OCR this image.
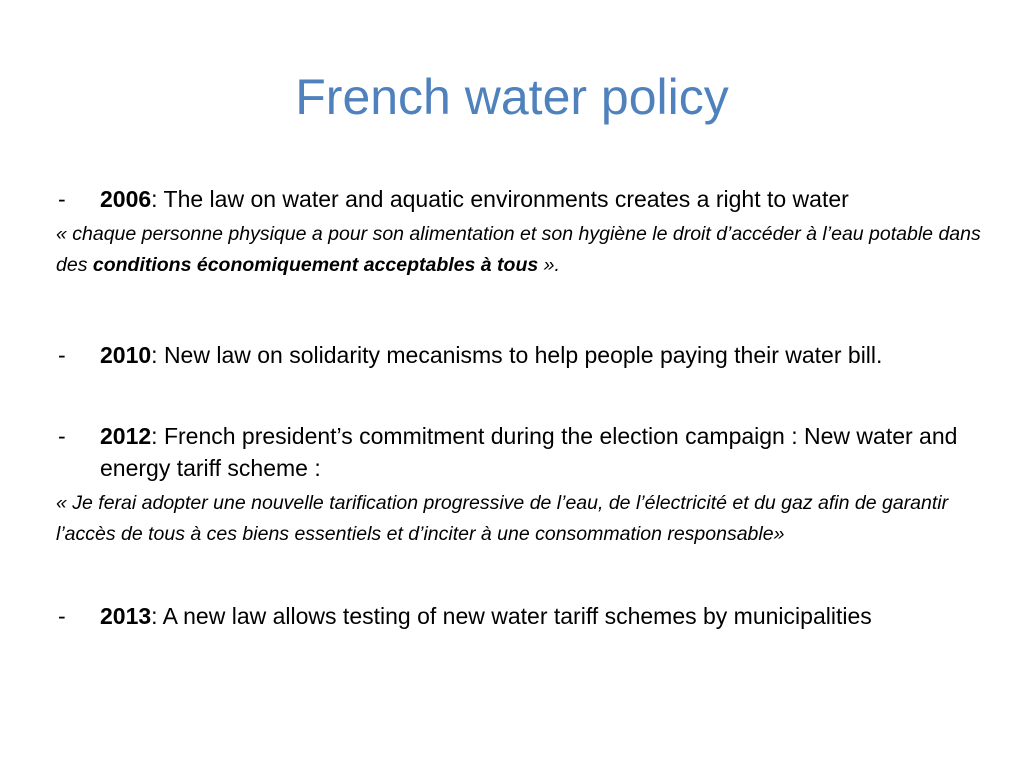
French water policy
- 2006: The law on water and aquatic environments creates a right to water
« chaque personne physique a pour son alimentation et son hygiène le droit d’accéder à l’eau potable dans des conditions économiquement acceptables à tous ».
- 2010: New law on solidarity mecanisms to help people paying their water bill.
- 2012: French president’s commitment during the election campaign : New water and energy tariff scheme :
« Je ferai adopter une nouvelle tarification progressive de l’eau, de l’électricité et du gaz afin de garantir l’accès de tous à ces biens essentiels et d’inciter à une consommation responsable»
- 2013: A new law allows testing of new water tariff schemes by municipalities
